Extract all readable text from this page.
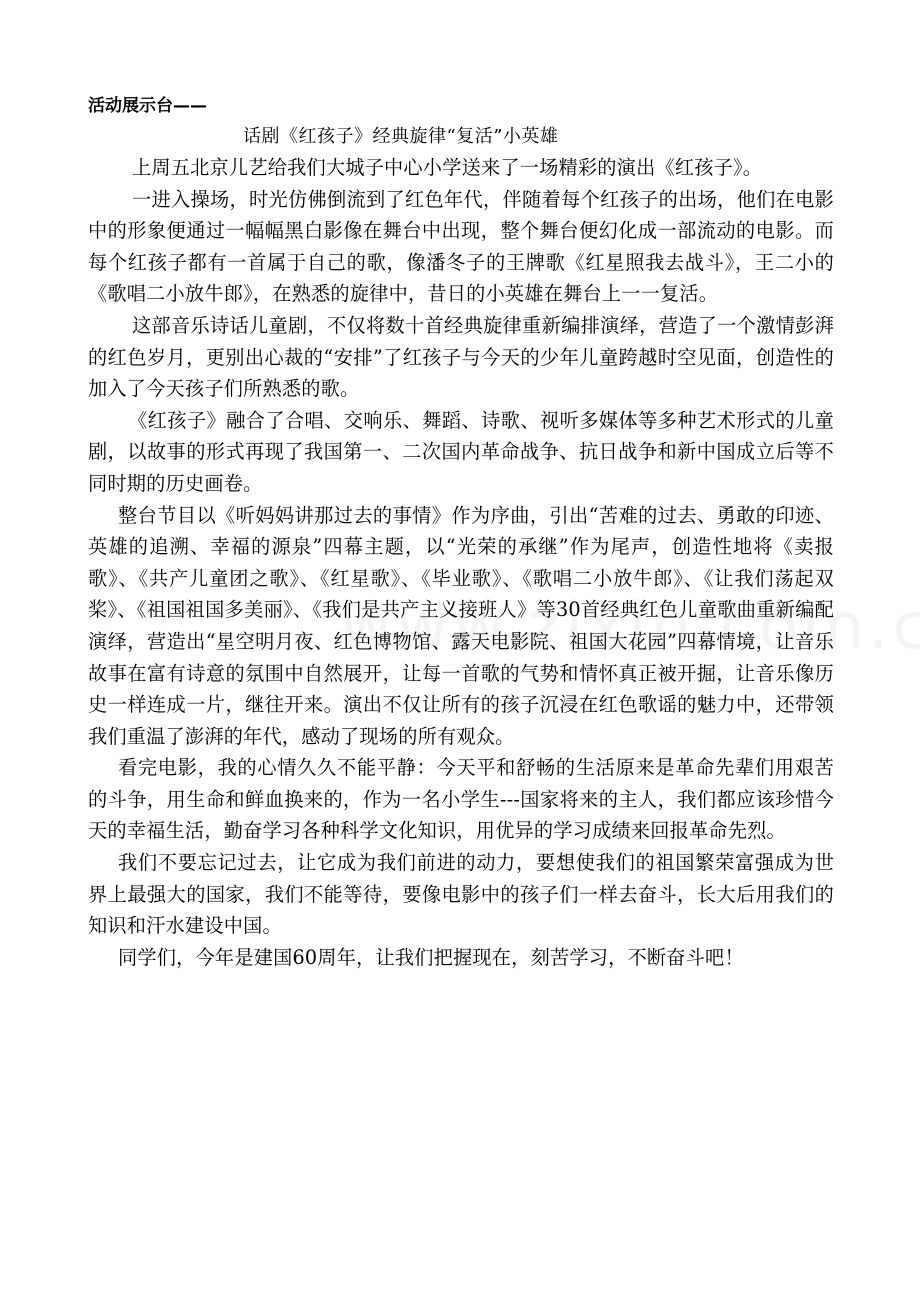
活动展示台——

话剧《红孩子》经典旋律“复活”小英雄

上周五北京儿艺给我们大城子中心小学送来了一场精彩的演出《红孩子》。

一进入操场，时光仿佛倒流到了红色年代，伴随着每个红孩子的出场，他们在电影中的形象便通过一幅幅黑白影像在舞台中出现，整个舞台便幻化成一部流动的电影。而每个红孩子都有一首属于自己的歌，像潘冬子的王牌歌《红星照我去战斗》，王二小的《歌唱二小放牛郎》，在熟悉的旋律中，昔日的小英雄在舞台上一一复活。

这部音乐诗话儿童剧，不仅将数十首经典旋律重新编排演绎，营造了一个激情彭湃的红色岁月，更别出心裁的“安排”了红孩子与今天的少年儿童跨越时空见面，创造性的加入了今天孩子们所熟悉的歌。

《红孩子》融合了合唱、交响乐、舞蹈、诗歌、视听多媒体等多种艺术形式的儿童剧，以故事的形式再现了我国第一、二次国内革命战争、抗日战争和新中国成立后等不同时期的历史画卷。

整台节目以《听妈妈讲那过去的事情》作为序曲，引出“苦难的过去、勇敢的印迹、英雄的追溯、幸福的源泉”四幕主题，以“光荣的承继”作为尾声，创造性地将《卖报歌》、《共产儿童团之歌》、《红星歌》、《毕业歌》、《歌唱二小放牛郎》、《让我们荡起双桨》、《祖国祖国多美丽》、《我们是共产主义接班人》等30首经典红色儿童歌曲重新编配演绎，营造出“星空明月夜、红色博物馆、露天电影院、祖国大花园”四幕情境，让音乐故事在富有诗意的氛围中自然展开，让每一首歌的气势和情怀真正被开掘，让音乐像历史一样连成一片，继往开来。演出不仅让所有的孩子沉浸在红色歌谣的魅力中，还带领我们重温了澎湃的年代，感动了现场的所有观众。

看完电影，我的心情久久不能平静：今天平和舒畅的生活原来是革命先辈们用艰苦的斗争，用生命和鲜血换来的，作为一名小学生---国家将来的主人，我们都应该珍惜今天的幸福生活，勤奋学习各种科学文化知识，用优异的学习成绩来回报革命先烈。

我们不要忘记过去，让它成为我们前进的动力，要想使我们的祖国繁荣富强成为世界上最强大的国家，我们不能等待，要像电影中的孩子们一样去奋斗，长大后用我们的知识和汗水建设中国。

同学们，今年是建国60周年，让我们把握现在，刻苦学习，不断奋斗吧！
